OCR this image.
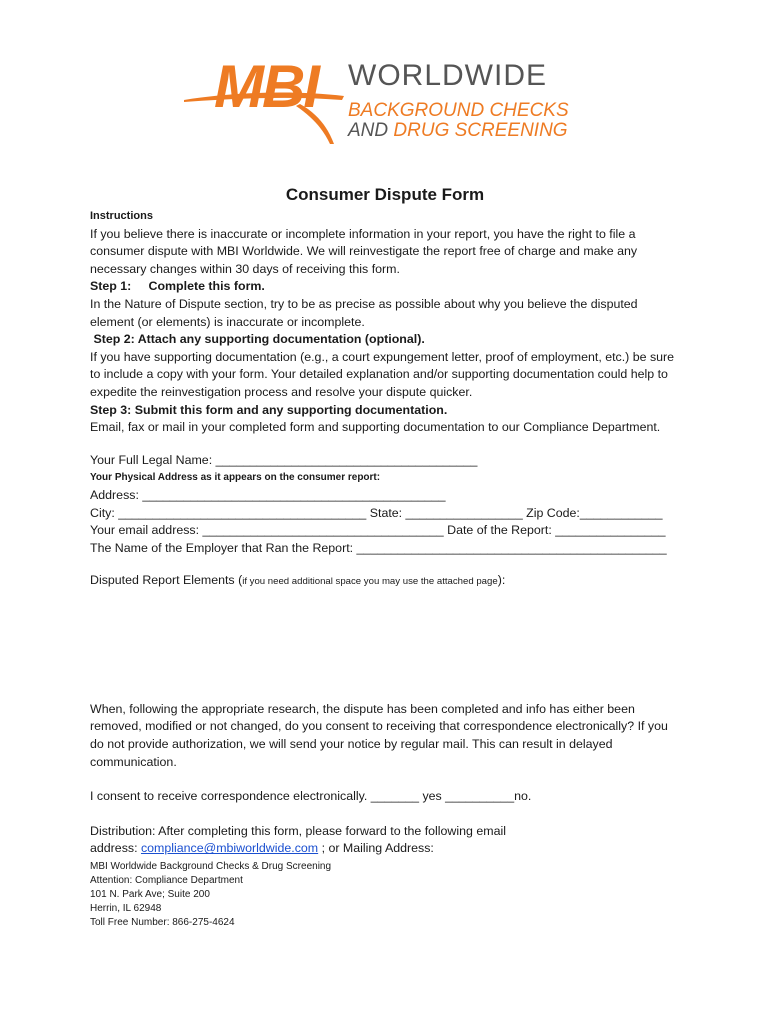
MBI WORLDWIDE
BACKGROUND CHECKS
AND DRUG SCREENING
Consumer Dispute Form

Instructions

If you believe there is inaccurate or incomplete information in your report, you have the right to file a consumer dispute with MBI Worldwide. We will reinvestigate the report free of charge and make any necessary changes within 30 days of receiving this form.

Step 1:     Complete this form.

In the Nature of Dispute section, try to be as precise as possible about why you believe the disputed element (or elements) is inaccurate or incomplete.

Step 2: Attach any supporting documentation (optional).

If you have supporting documentation (e.g., a court expungement letter, proof of employment, etc.) be sure to include a copy with your form. Your detailed explanation and/or supporting documentation could help to expedite the reinvestigation process and resolve your dispute quicker.

Step 3: Submit this form and any supporting documentation.

Email, fax or mail in your completed form and supporting documentation to our Compliance Department.

Your Full Legal Name: ______________________________________

Your Physical Address as it appears on the consumer report:

Address: ____________________________________________

City: ____________________________________ State: _________________ Zip Code:____________

Your email address: ___________________________________ Date of the Report: ________________

The Name of the Employer that Ran the Report: _____________________________________________

Disputed Report Elements (if you need additional space you may use the attached page):

When, following the appropriate research, the dispute has been completed and info has either been removed, modified or not changed, do you consent to receiving that correspondence electronically? If you do not provide authorization, we will send your notice by regular mail. This can result in delayed communication.

I consent to receive correspondence electronically. _______ yes __________no.

Distribution: After completing this form, please forward to the following email

address: compliance@mbiworldwide.com ; or Mailing Address:

MBI Worldwide Background Checks & Drug Screening

Attention: Compliance Department

101 N. Park Ave; Suite 200

Herrin, IL 62948

Toll Free Number: 866-275-4624
